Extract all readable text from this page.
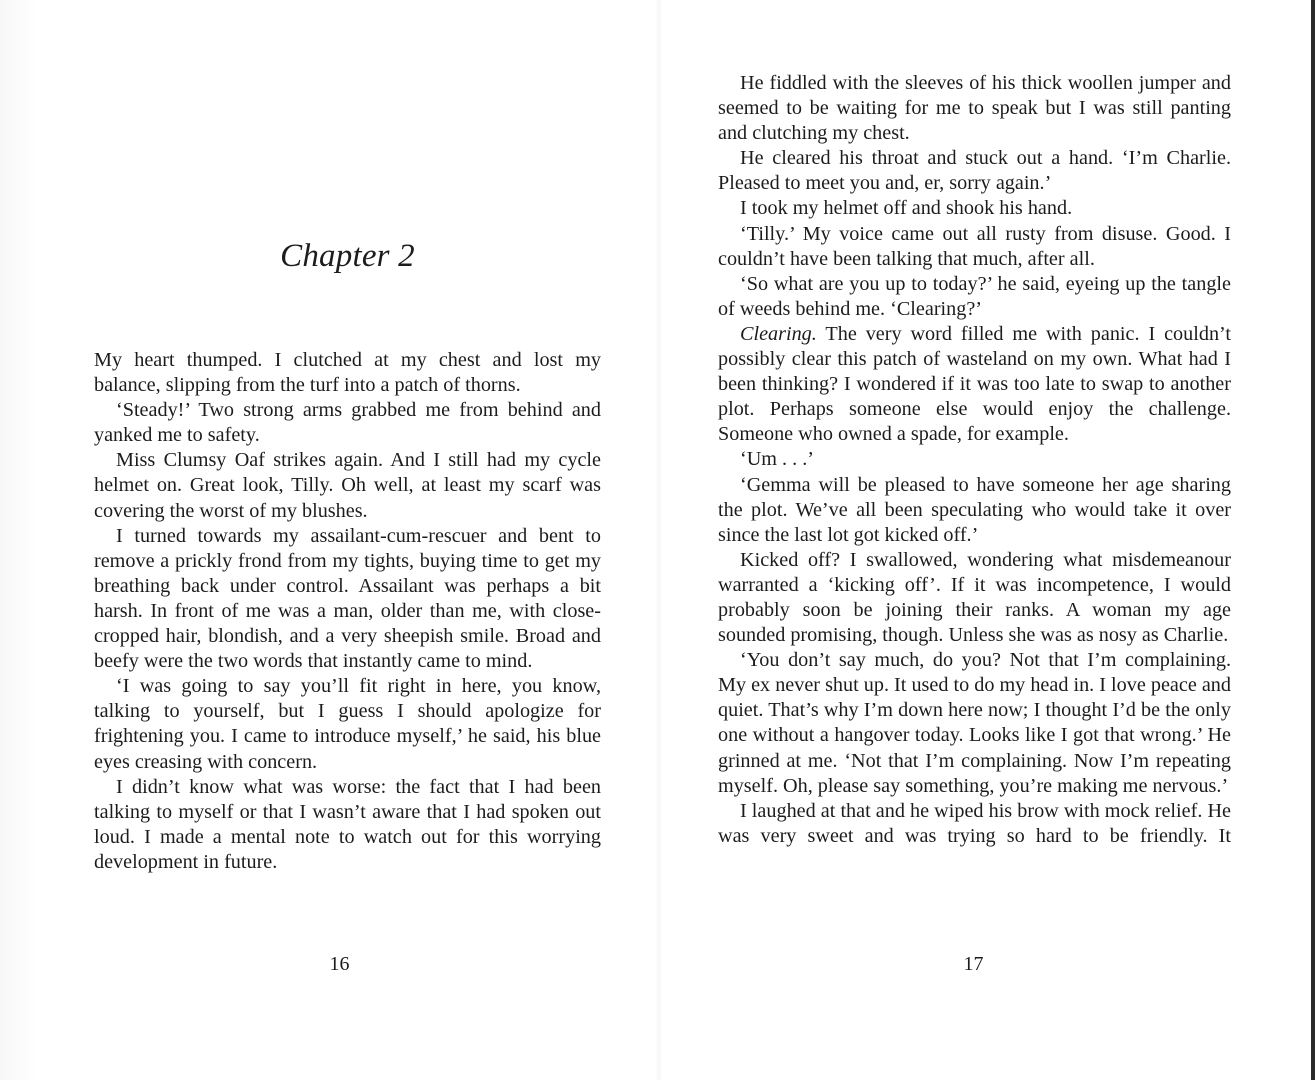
Chapter 2

My heart thumped. I clutched at my chest and lost my balance, slipping from the turf into a patch of thorns.

‘Steady!’ Two strong arms grabbed me from behind and yanked me to safety.

Miss Clumsy Oaf strikes again. And I still had my cycle helmet on. Great look, Tilly. Oh well, at least my scarf was covering the worst of my blushes.

I turned towards my assailant-cum-rescuer and bent to remove a prickly frond from my tights, buying time to get my breathing back under control. Assailant was perhaps a bit harsh. In front of me was a man, older than me, with close-cropped hair, blondish, and a very sheepish smile. Broad and beefy were the two words that instantly came to mind.

‘I was going to say you’ll fit right in here, you know, talking to yourself, but I guess I should apologize for frightening you. I came to introduce myself,’ he said, his blue eyes creasing with concern.

I didn’t know what was worse: the fact that I had been talking to myself or that I wasn’t aware that I had spoken out loud. I made a mental note to watch out for this worrying development in future.

16

He fiddled with the sleeves of his thick woollen jumper and seemed to be waiting for me to speak but I was still panting and clutching my chest.

He cleared his throat and stuck out a hand. ‘I’m Charlie. Pleased to meet you and, er, sorry again.’

I took my helmet off and shook his hand.

‘Tilly.’ My voice came out all rusty from disuse. Good. I couldn’t have been talking that much, after all.

‘So what are you up to today?’ he said, eyeing up the tangle of weeds behind me. ‘Clearing?’

Clearing. The very word filled me with panic. I couldn’t possibly clear this patch of wasteland on my own. What had I been thinking? I wondered if it was too late to swap to another plot. Perhaps someone else would enjoy the challenge. Someone who owned a spade, for example.

‘Um . . .’

‘Gemma will be pleased to have someone her age sharing the plot. We’ve all been speculating who would take it over since the last lot got kicked off.’

Kicked off? I swallowed, wondering what misdemeanour warranted a ‘kicking off’. If it was incompetence, I would probably soon be joining their ranks. A woman my age sounded promising, though. Unless she was as nosy as Charlie.

‘You don’t say much, do you? Not that I’m complaining. My ex never shut up. It used to do my head in. I love peace and quiet. That’s why I’m down here now; I thought I’d be the only one without a hangover today. Looks like I got that wrong.’ He grinned at me. ‘Not that I’m complaining. Now I’m repeating myself. Oh, please say something, you’re making me nervous.’

I laughed at that and he wiped his brow with mock relief. He was very sweet and was trying so hard to be friendly. It

17
